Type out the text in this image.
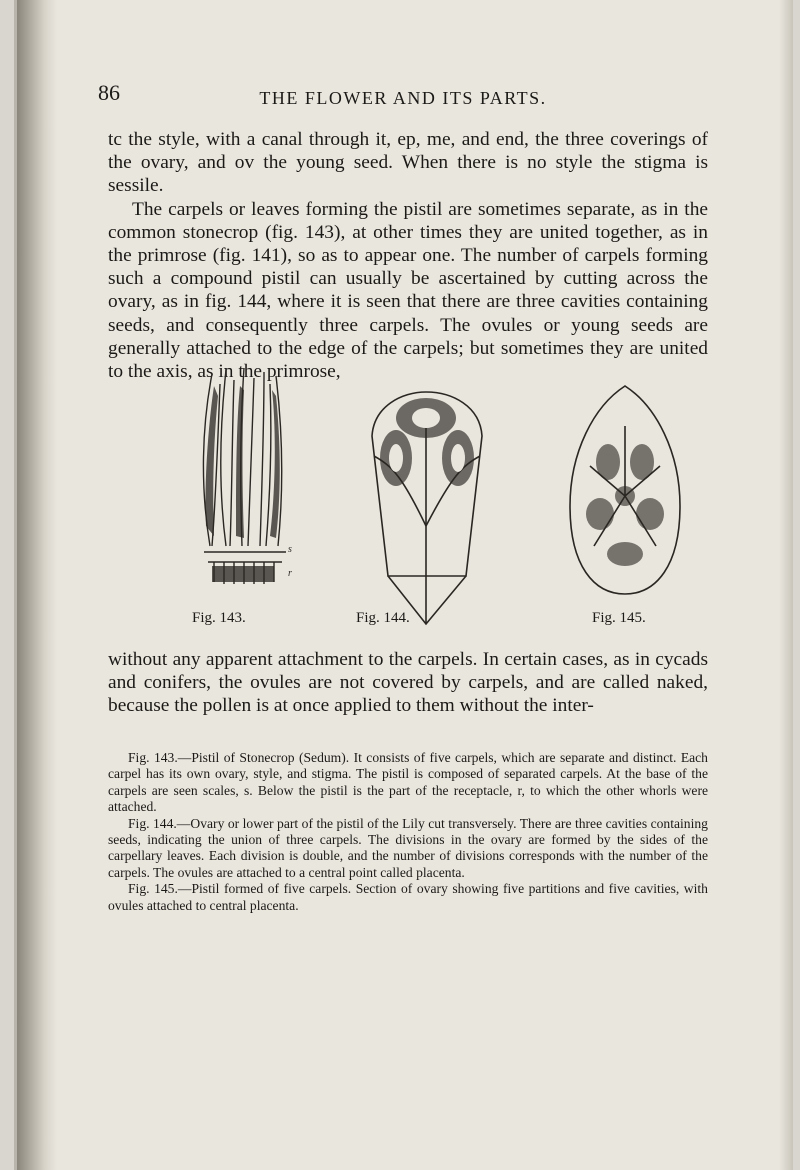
86	THE FLOWER AND ITS PARTS.

tc the style, with a canal through it, ep, me, and end, the three coverings of the ovary, and ov the young seed. When there is no style the stigma is sessile.

The carpels or leaves forming the pistil are sometimes separate, as in the common stonecrop (fig. 143), at other times they are united together, as in the primrose (fig. 141), so as to appear one. The number of carpels forming such a compound pistil can usually be ascertained by cutting across the ovary, as in fig. 144, where it is seen that there are three cavities containing seeds, and consequently three carpels. The ovules or young seeds are generally attached to the edge of the carpels; but sometimes they are united to the axis, as in the primrose,

s
r
Fig. 143.	Fig. 144.	Fig. 145.

without any apparent attachment to the carpels. In certain cases, as in cycads and conifers, the ovules are not covered by carpels, and are called naked, because the pollen is at once applied to them without the inter-

Fig. 143.—Pistil of Stonecrop (Sedum). It consists of five carpels, which are separate and distinct. Each carpel has its own ovary, style, and stigma. The pistil is composed of separated carpels. At the base of the carpels are seen scales, s. Below the pistil is the part of the receptacle, r, to which the other whorls were attached.

Fig. 144.—Ovary or lower part of the pistil of the Lily cut transversely. There are three cavities containing seeds, indicating the union of three carpels. The divisions in the ovary are formed by the sides of the carpellary leaves. Each division is double, and the number of divisions corresponds with the number of the carpels. The ovules are attached to a central point called placenta.

Fig. 145.—Pistil formed of five carpels. Section of ovary showing five partitions and five cavities, with ovules attached to central placenta.
